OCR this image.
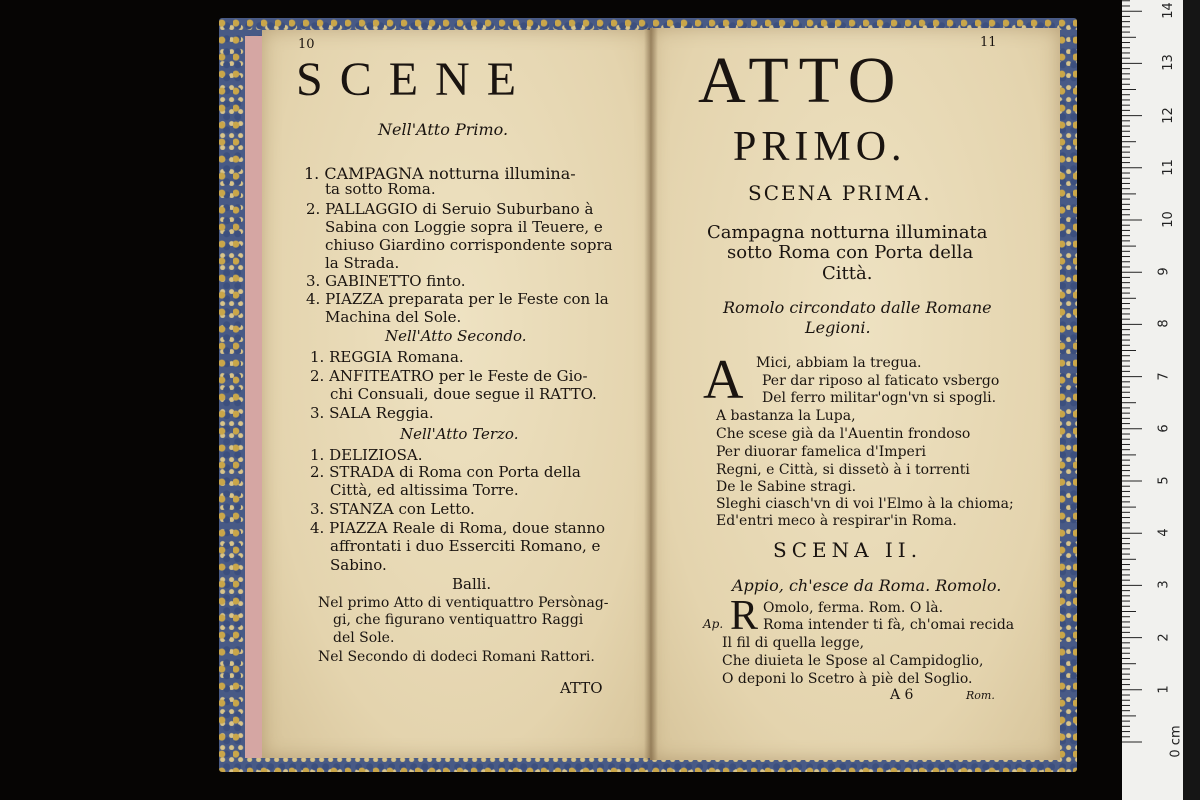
10
SCENE
Nell'Atto Primo.
1. CAMPAGNA notturna illumina-
ta sotto Roma.
2. PALLAGGIO di Seruio Suburbano à
Sabina con Loggie sopra il Teuere, e
chiuso Giardino corrispondente sopra
la Strada.
3. GABINETTO finto.
4. PIAZZA preparata per le Feste con la
Machina del Sole.
Nell'Atto Secondo.
1. REGGIA Romana.
2. ANFITEATRO per le Feste de Gio-
chi Consuali, doue segue il RATTO.
3. SALA Reggia.
Nell'Atto Terzo.
1. DELIZIOSA.
2. STRADA di Roma con Porta della
Città, ed altissima Torre.
3. STANZA con Letto.
4. PIAZZA Reale di Roma, doue stanno
affrontati i duo Esserciti Romano, e
Sabino.
Balli.
Nel primo Atto di ventiquattro Persònag-
gi, che figurano ventiquattro Raggi
del Sole.
Nel Secondo di dodeci Romani Rattori.
ATTO
11
ATTO
PRIMO.
SCENA PRIMA.
Campagna notturna illuminata
sotto Roma con Porta della
Città.
Romolo circondato dalle Romane
Legioni.
A Mici, abbiam la tregua.
Per dar riposo al faticato vsbergo
Del ferro militar'ogn'vn si spogli.
A bastanza la Lupa,
Che scese già da l'Auentin frondoso
Per diuorar famelica d'Imperi
Regni, e Città, si dissetò à i torrenti
De le Sabine stragi.
Sleghi ciasch'vn di voi l'Elmo à la chioma;
Ed'entri meco à respirar'in Roma.
SCENA II.
Appio, ch'esce da Roma. Romolo.
Ap. R Omolo, ferma. Rom. O là.
Roma intender ti fà, ch'omai recida
Il fil di quella legge,
Che diuieta le Spose al Campidoglio,
O deponi lo Scetro à piè del Soglio.
A 6	Rom.
0 cm
1
2
3
4
5
6
7
8
9
10
11
12
13
14
